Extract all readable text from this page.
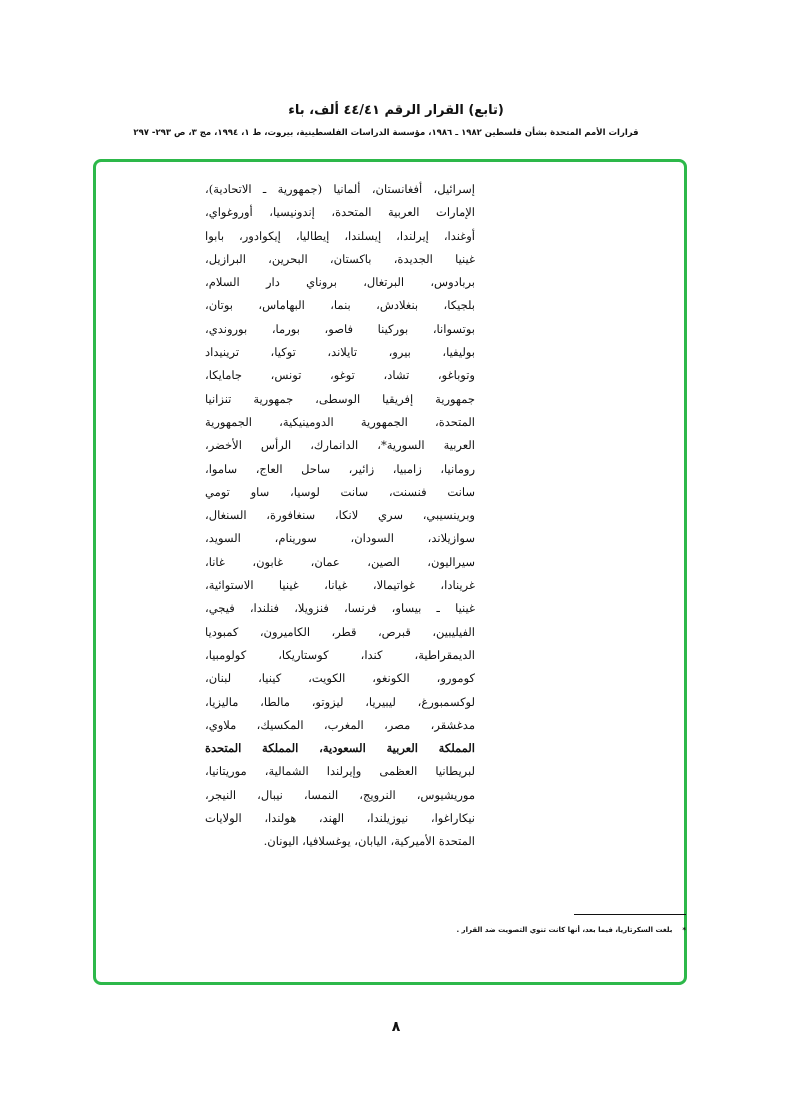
(تابع) القرار الرقم ٤٤/٤١ ألف، باء
قرارات الأمم المتحدة بشأن فلسطين ١٩٨٢ ـ ١٩٨٦، مؤسسة الدراسات الفلسطينية، بيروت، ط ١، ١٩٩٤، مج ٣، ص ٢٩٣- ٢٩٧
إسرائيل، أفغانستان، ألمانيا (جمهورية ـ الاتحادية)،
الإمارات العربية المتحدة، إندونيسيا، أوروغواي،
أوغندا، إيرلندا، إيسلندا، إيطاليا، إيكوادور، بابوا
غينيا الجديدة، باكستان، البحرين، البرازيل،
بربادوس، البرتغال، بروناي دار السلام،
بلجيكا، بنغلادش، بنما، البهاماس، بوتان،
بوتسوانا، بوركينا فاصو، بورما، بوروندي،
بوليفيا، بيرو، تايلاند، توكيا، ترينيداد
وتوباغو، تشاد، توغو، تونس، جامايكا،
جمهورية إفريقيا الوسطى، جمهورية تنزانيا
المتحدة، الجمهورية الدومينيكية، الجمهورية
العربية السورية*، الدانمارك، الرأس الأخضر،
رومانيا، زامبيا، زائير، ساحل العاج، ساموا،
سانت فنسنت، سانت لوسيا، ساو تومي
وبرينسيبي، سري لانكا، سنغافورة، السنغال،
سوازيلاند، السودان، سورينام، السويد،
سيراليون، الصين، عمان، غابون، غانا،
غرينادا، غواتيمالا، غيانا، غينيا الاستوائية،
غينيا ـ بيساو، فرنسا، فنزويلا، فنلندا، فيجي،
الفيليبين، قبرص، قطر، الكاميرون، كمبوديا
الديمقراطية، كندا، كوستاريكا، كولومبيا،
كومورو، الكونغو، الكويت، كينيا، لبنان،
لوكسمبورغ، ليبيريا، ليزوتو، مالطا، ماليزيا،
مدغشقر، مصر، المغرب، المكسيك، ملاوي،
المملكة العربية السعودية، المملكة المتحدة
لبريطانيا العظمى وإيرلندا الشمالية، موريتانيا،
موريشيوس، النرويج، النمسا، نيبال، النيجر،
نيكاراغوا، نيوزيلندا، الهند، هولندا، الولايات
المتحدة الأميركية، اليابان، يوغسلافيا، اليونان.
*بلغت السكرتاريا، فيما بعد، أنها كانت تنوي التصويت ضد القرار .
٨
